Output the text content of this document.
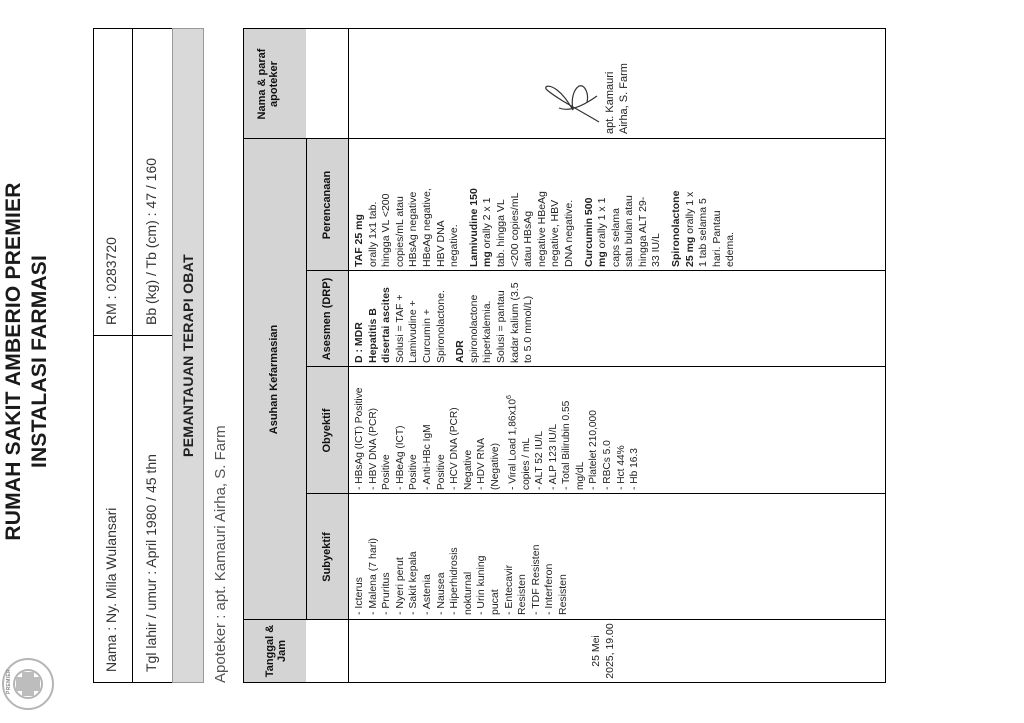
PREMIER
RUMAH SAKIT AMBERIO PREMIER INSTALASI FARMASI
Nama : Ny. Mila Wulansari
RM : 0283720
Tgl lahir / umur : April 1980 / 45 thn
Bb (kg) / Tb (cm) : 47 / 160
PEMANTAUAN TERAPI OBAT
Apoteker : apt. Kamauri Airha, S. Farm	Tanggal & Jam
Asuhan Kefarmasian
Subyektif
Obyektif
Asesmen (DRP)
Perencanaan
Nama & paraf apoteker
25 Mei 2025, 19.00
- Icterus - Malena (7 hari) - Pruritus - Nyeri perut - Sakit kepala - Astenia - Nausea - Hiperhidrosis nokturnal - Urin kuning pucat - Entecavir Resisten - TDF Resisten - Interferon Resisten
- HBsAg (ICT) Positive - HBV DNA (PCR) Positive - HBeAg (ICT) Positive - Anti-HBc IgM Positive - HCV DNA (PCR) Negative - HDV RNA (Negative) - Viral Load $1,86x10^6$
copies / mL - ALT 52 IU/L - ALP 123 IU/L - Total Bilirubin 0.55 mg/dL - Platelet 210,000 - RBCs 5.0 - Hct 44% - Hb 16.3
D : MDR Hepatitis B disertai ascites Solusi = TAF + Lamivudine + Curcumin + Spironolactone. ADR spironolactone hiperkalemia. Solusi = pantau kadar kalium (3.5 to 5.0 mmol/L)
TAF 25 mg orally 1x1 tab. hingga VL <200 copies/mL atau HBsAg negative HBeAg negative, HBV DNA negative. Lamivudine 150 mg orally 2 x 1 tab. hingga VL <200 copies/mL atau HBsAg negative HBeAg negative, HBV DNA negative. Curcumin 500 mg orally 1 x 1 caps selama satu bulan atau hingga ALT 29- 33 IU/L Spironolactone 25 mg orally 1 x 1 tab selama 5 hari. Pantau edema.
apt. Kamauri Airha, S. Farm
